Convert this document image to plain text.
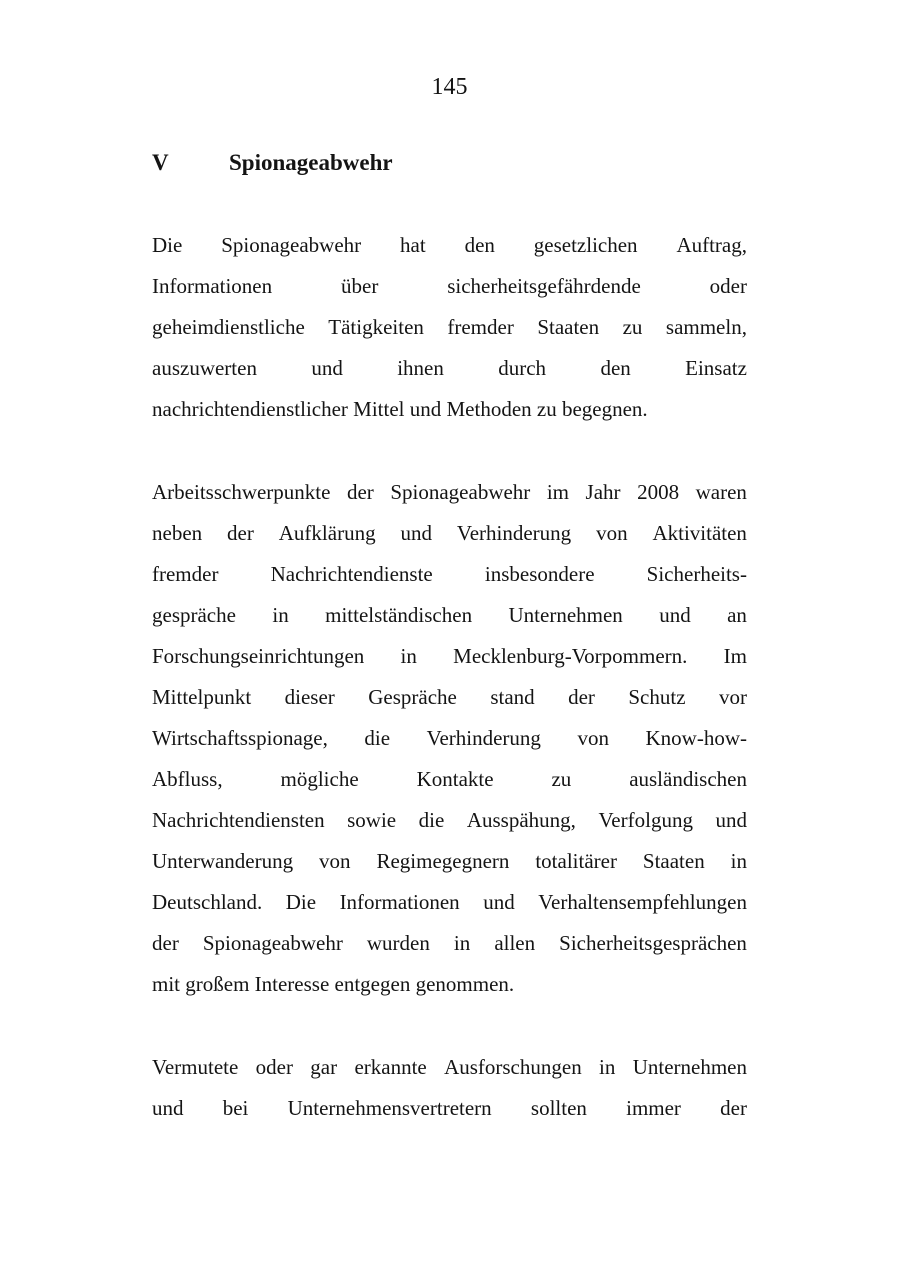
145
V	Spionageabwehr
Die Spionageabwehr hat den gesetzlichen Auftrag,
Informationen	über	sicherheitsgefährdende	oder
geheimdienstliche Tätigkeiten fremder Staaten zu sammeln,
auszuwerten	und	ihnen	durch	den	Einsatz
nachrichtendienstlicher Mittel und Methoden zu begegnen.
Arbeitsschwerpunkte der Spionageabwehr im Jahr 2008 waren
neben der Aufklärung und Verhinderung von Aktivitäten
fremder Nachrichtendienste insbesondere Sicherheits-
gespräche in mittelständischen Unternehmen und an
Forschungseinrichtungen in Mecklenburg-Vorpommern. Im
Mittelpunkt dieser Gespräche stand der Schutz vor
Wirtschaftsspionage, die Verhinderung von Know-how-
Abfluss,	mögliche	Kontakte	zu	ausländischen
Nachrichtendiensten sowie die Ausspähung, Verfolgung und
Unterwanderung von Regimegegnern totalitärer Staaten in
Deutschland. Die Informationen und Verhaltensempfehlungen
der Spionageabwehr wurden in allen Sicherheitsgesprächen
mit großem Interesse entgegen genommen.
Vermutete oder gar erkannte Ausforschungen in Unternehmen
und bei Unternehmensvertretern sollten immer der
